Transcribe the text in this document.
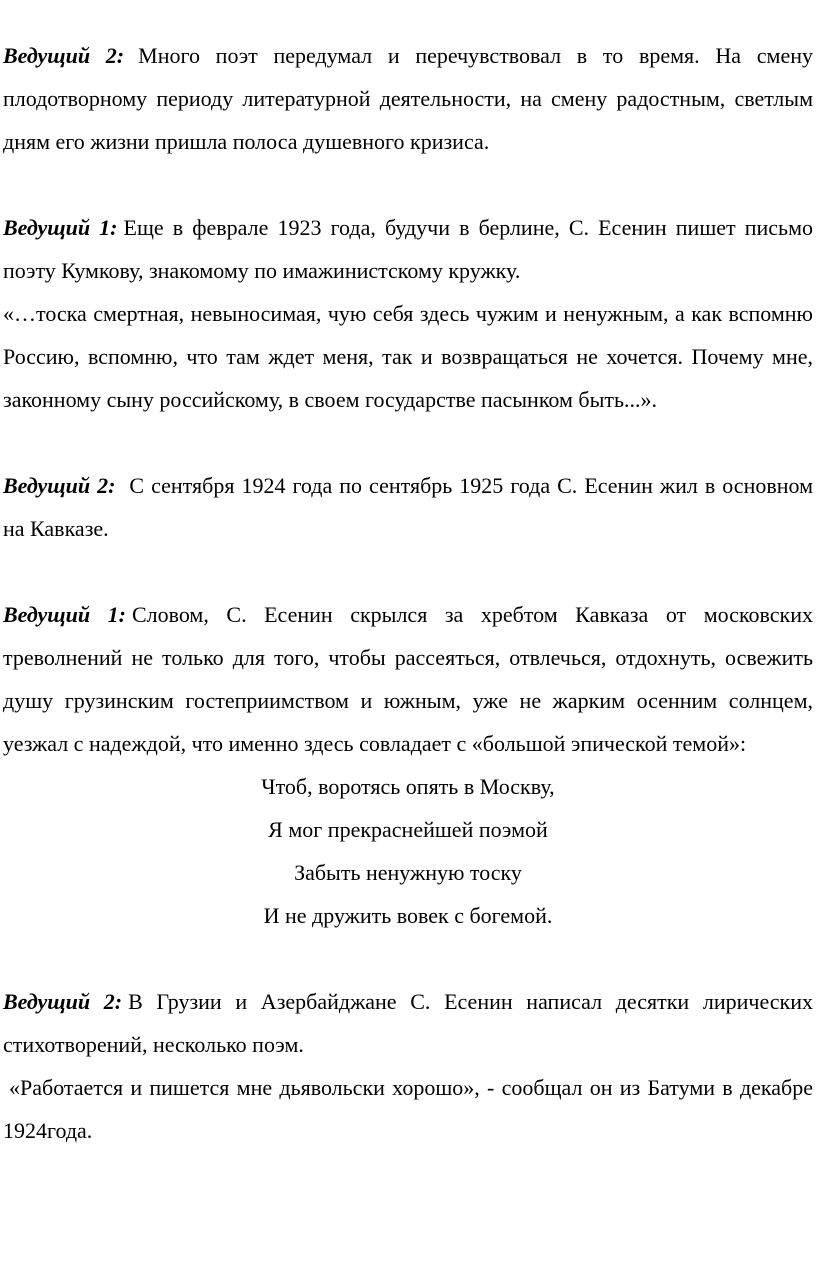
Ведущий 2: Много поэт передумал и перечувствовал в то время. На смену плодотворному периоду литературной деятельности, на смену радостным, светлым дням его жизни пришла полоса душевного кризиса.

Ведущий 1: Еще в феврале 1923 года, будучи в берлине, С. Есенин пишет письмо поэту Кумкову, знакомому по имажинистскому кружку.

«…тоска смертная, невыносимая, чую себя здесь чужим и ненужным, а как вспомню Россию, вспомню, что там ждет меня, так и возвращаться не хочется. Почему мне, законному сыну российскому, в своем государстве пасынком быть...».

Ведущий 2: С сентября 1924 года по сентябрь 1925 года С. Есенин жил в основном на Кавказе.

Ведущий 1: Словом, С. Есенин скрылся за хребтом Кавказа от московских треволнений не только для того, чтобы рассеяться, отвлечься, отдохнуть, освежить душу грузинским гостеприимством и южным, уже не жарким осенним солнцем, уезжал с надеждой, что именно здесь совладает с «большой эпической темой»:

Чтоб, воротясь опять в Москву,
Я мог прекраснейшей поэмой
Забыть ненужную тоску
И не дружить вовек с богемой.

Ведущий 2: В Грузии и Азербайджане С. Есенин написал десятки лирических стихотворений, несколько поэм.

«Работается и пишется мне дьявольски хорошо», - сообщал он из Батуми в декабре 1924года.
